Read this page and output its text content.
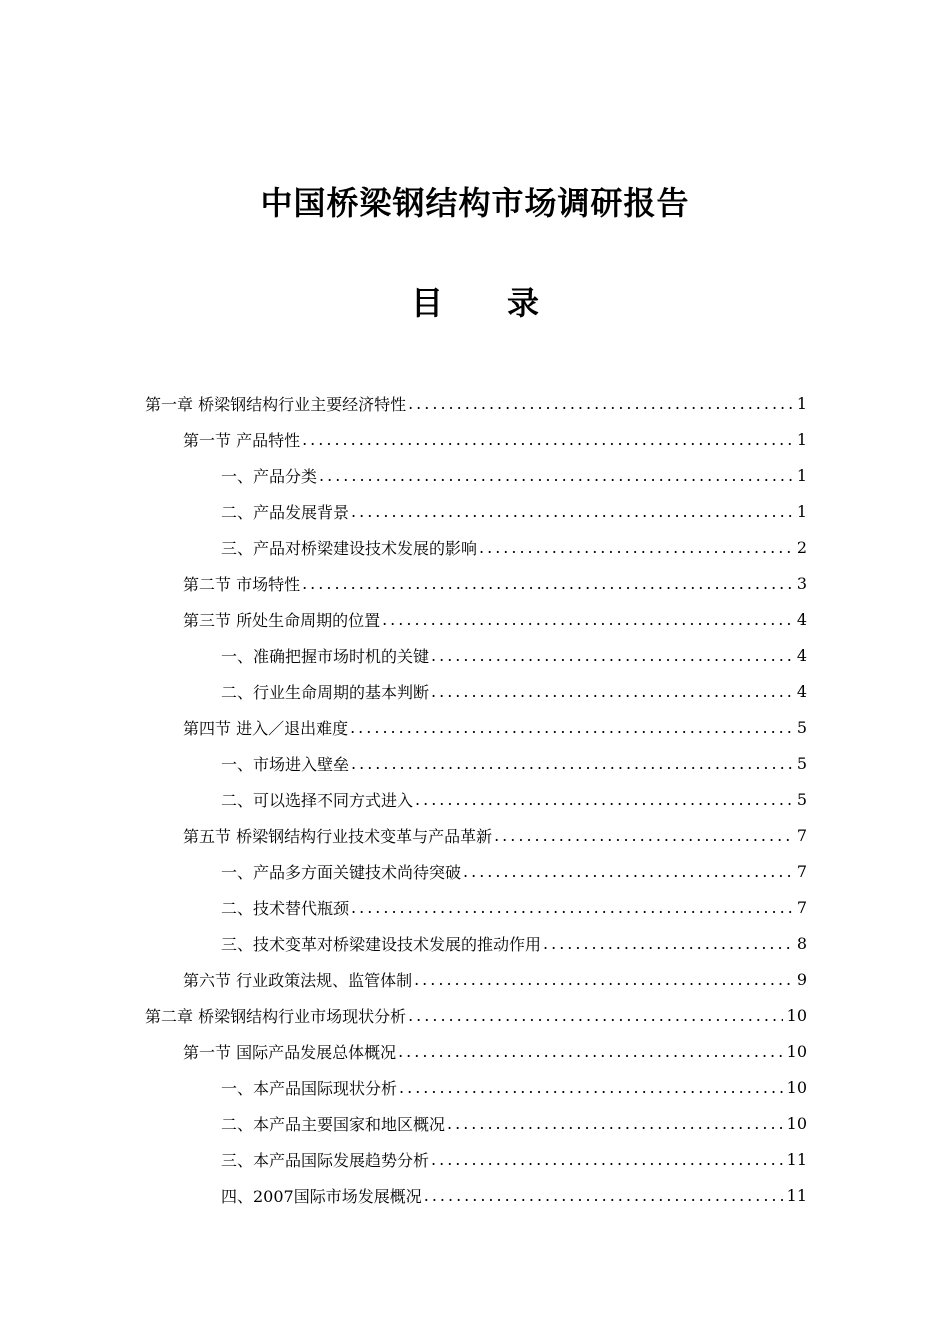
中国桥梁钢结构市场调研报告
目 录
第一章 桥梁钢结构行业主要经济特性 .....	1
第一节 产品特性 .....	1
一、产品分类 .....	1
二、产品发展背景 .....	1
三、产品对桥梁建设技术发展的影响 .....	2
第二节 市场特性 .....	3
第三节 所处生命周期的位置 .....	4
一、准确把握市场时机的关键 .....	4
二、行业生命周期的基本判断 .....	4
第四节 进入／退出难度 .....	5
一、市场进入壁垒 .....	5
二、可以选择不同方式进入 .....	5
第五节 桥梁钢结构行业技术变革与产品革新 .....	7
一、产品多方面关键技术尚待突破 .....	7
二、技术替代瓶颈 .....	7
三、技术变革对桥梁建设技术发展的推动作用 .....	8
第六节 行业政策法规、监管体制 .....	9
第二章 桥梁钢结构行业市场现状分析 .....	10
第一节 国际产品发展总体概况 .....	10
一、本产品国际现状分析 .....	10
二、本产品主要国家和地区概况 .....	10
三、本产品国际发展趋势分析 .....	11
四、2007国际市场发展概况 .....	11
